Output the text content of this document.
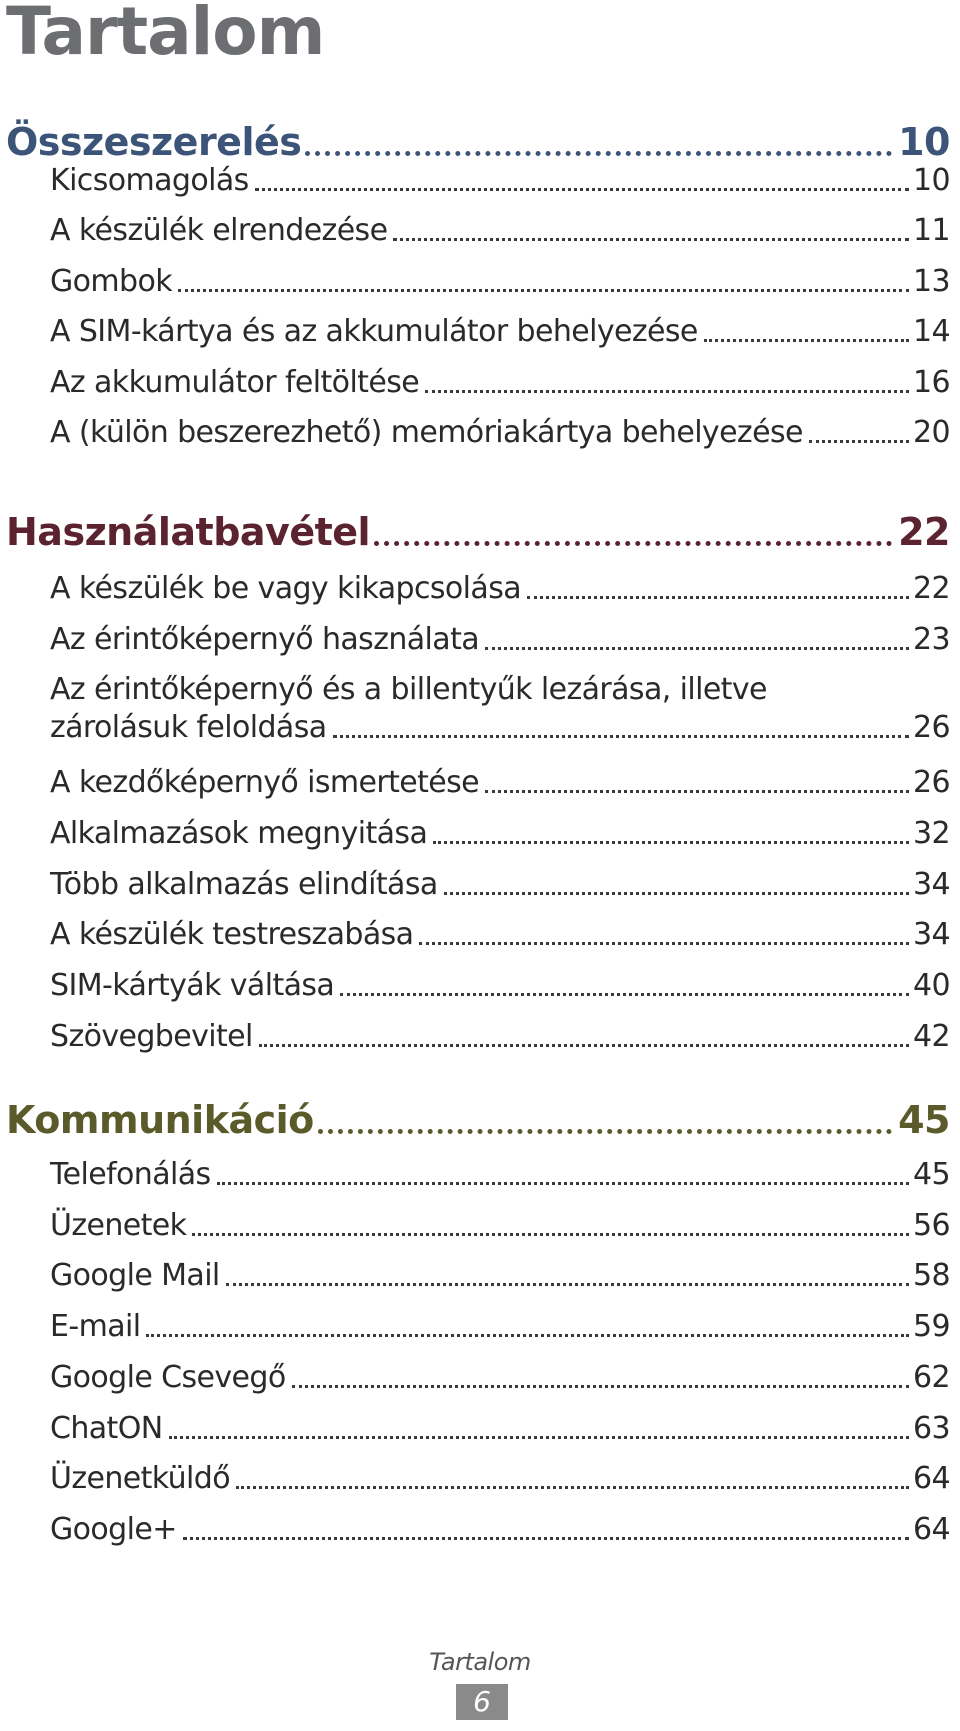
Tartalom
Összeszerelés	10
Kicsomagolás	10
A készülék elrendezése	11
Gombok	13
A SIM-kártya és az akkumulátor behelyezése	14
Az akkumulátor feltöltése	16
A (külön beszerezhető) memóriakártya behelyezése	20
Használatbavétel	22
A készülék be vagy kikapcsolása	22
Az érintőképernyő használata	23
Az érintőképernyő és a billentyűk lezárása, illetve
zárolásuk feloldása	26
A kezdőképernyő ismertetése	26
Alkalmazások megnyitása	32
Több alkalmazás elindítása	34
A készülék testreszabása	34
SIM-kártyák váltása	40
Szövegbevitel	42
Kommunikáció	45
Telefonálás	45
Üzenetek	56
Google Mail	58
E-mail	59
Google Csevegő	62
ChatON	63
Üzenetküldő	64
Google+	64
Tartalom
6
